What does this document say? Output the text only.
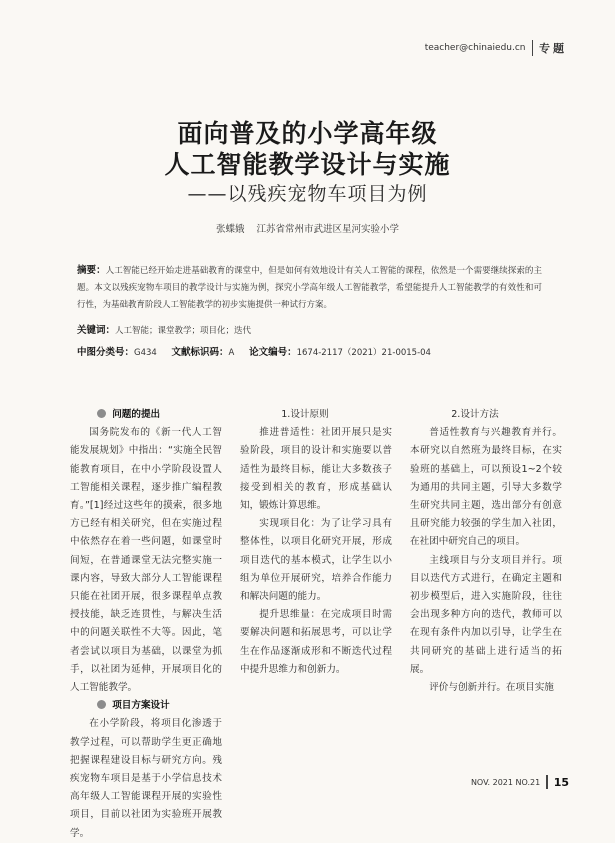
teacher@chinaiedu.cn 专题
面向普及的小学高年级
人工智能教学设计与实施
——以残疾宠物车项目为例
张蝶娥 江苏省常州市武进区星河实验小学
摘要：人工智能已经开始走进基础教育的课堂中，但是如何有效地设计有关人工智能的课程，依然是一个需要继续探索的主题。本文以残疾宠物车项目的教学设计与实施为例，探究小学高年级人工智能教学，希望能提升人工智能教学的有效性和可行性，为基础教育阶段人工智能教学的初步实施提供一种试行方案。
关键词：人工智能；课堂教学；项目化；迭代
中图分类号：G434 文献标识码：A 论文编号：1674-2117（2021）21-0015-04

问题的提出

国务院发布的《新一代人工智能发展规划》中指出：“实施全民智能教育项目，在中小学阶段设置人工智能相关课程，逐步推广编程教育。”[1]经过这些年的摸索，很多地方已经有相关研究，但在实施过程中依然存在着一些问题，如课堂时间短，在普通课堂无法完整实施一课内容，导致大部分人工智能课程只能在社团开展，很多课程单点教授技能，缺乏连贯性，与解决生活中的问题关联性不大等。因此，笔者尝试以项目为基础，以课堂为抓手，以社团为延伸，开展项目化的人工智能教学。

项目方案设计

在小学阶段，将项目化渗透于教学过程，可以帮助学生更正确地把握课程建设目标与研究方向。残疾宠物车项目是基于小学信息技术高年级人工智能课程开展的实验性项目，目前以社团为实验班开展教学。

1.设计原则

推进普适性：社团开展只是实验阶段，项目的设计和实施要以普适性为最终目标，能让大多数孩子接受到相关的教育，形成基础认知，锻炼计算思维。

实现项目化：为了让学习具有整体性，以项目化研究开展，形成项目迭代的基本模式，让学生以小组为单位开展研究，培养合作能力和解决问题的能力。

提升思维量：在完成项目时需要解决问题和拓展思考，可以让学生在作品逐渐成形和不断迭代过程中提升思维力和创新力。

2.设计方法

普适性教育与兴趣教育并行。本研究以自然班为最终目标，在实验班的基础上，可以预设1~2个较为通用的共同主题，引导大多数学生研究共同主题，选出部分有创意且研究能力较强的学生加入社团，在社团中研究自己的项目。

主线项目与分支项目并行。项目以迭代方式进行，在确定主题和初步模型后，进入实施阶段，往往会出现多种方向的迭代，教师可以在现有条件内加以引导，让学生在共同研究的基础上进行适当的拓展。

评价与创新并行。在项目实施

NOV. 2021 NO.21 15
